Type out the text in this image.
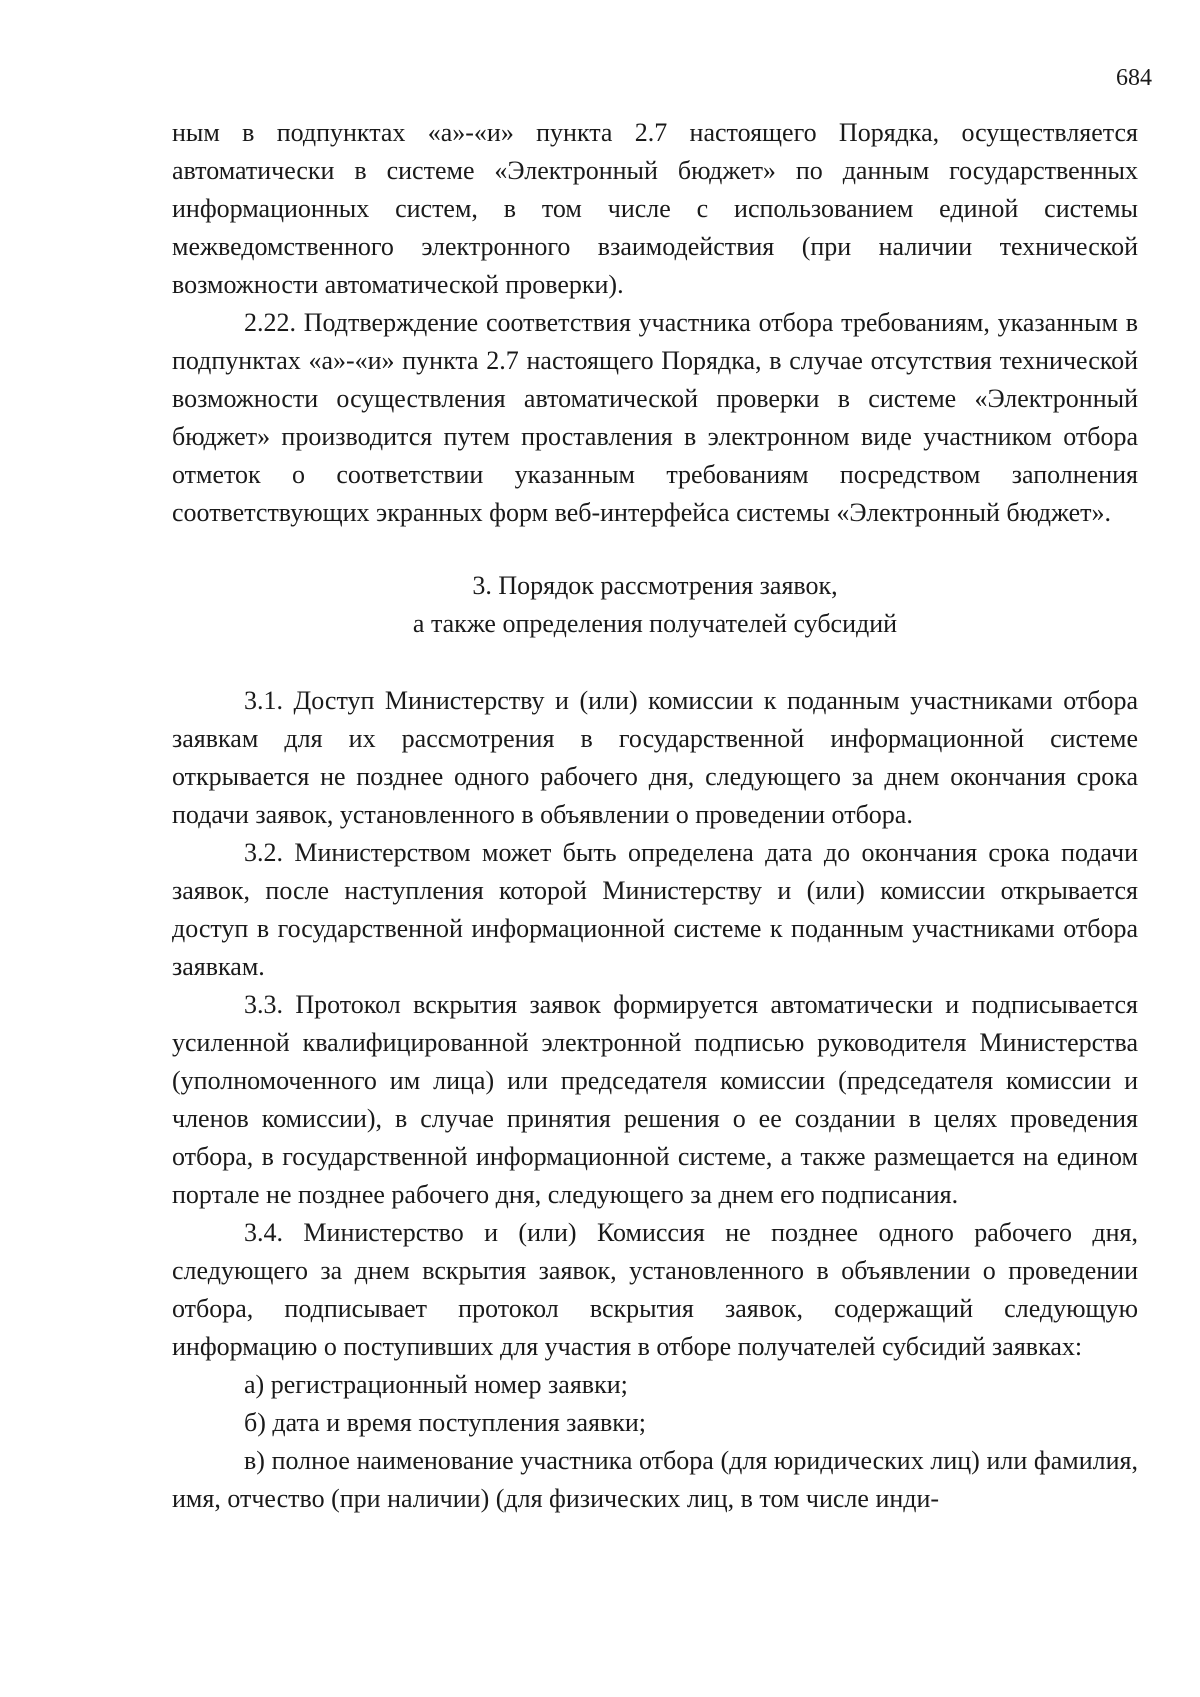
684

ным в подпунктах «а»-«и» пункта 2.7 настоящего Порядка, осуществляется автоматически в системе «Электронный бюджет» по данным государственных информационных систем, в том числе с использованием единой системы межведомственного электронного взаимодействия (при наличии технической возможности автоматической проверки).

2.22. Подтверждение соответствия участника отбора требованиям, указанным в подпунктах «а»-«и» пункта 2.7 настоящего Порядка, в случае отсутствия технической возможности осуществления автоматической проверки в системе «Электронный бюджет» производится путем проставления в электронном виде участником отбора отметок о соответствии указанным требованиям посредством заполнения соответствующих экранных форм веб-интерфейса системы «Электронный бюджет».

3. Порядок рассмотрения заявок,
а также определения получателей субсидий

3.1. Доступ Министерству и (или) комиссии к поданным участниками отбора заявкам для их рассмотрения в государственной информационной системе открывается не позднее одного рабочего дня, следующего за днем окончания срока подачи заявок, установленного в объявлении о проведении отбора.

3.2. Министерством может быть определена дата до окончания срока подачи заявок, после наступления которой Министерству и (или) комиссии открывается доступ в государственной информационной системе к поданным участниками отбора заявкам.

3.3. Протокол вскрытия заявок формируется автоматически и подписывается усиленной квалифицированной электронной подписью руководителя Министерства (уполномоченного им лица) или председателя комиссии (председателя комиссии и членов комиссии), в случае принятия решения о ее создании в целях проведения отбора, в государственной информационной системе, а также размещается на едином портале не позднее рабочего дня, следующего за днем его подписания.

3.4. Министерство и (или) Комиссия не позднее одного рабочего дня, следующего за днем вскрытия заявок, установленного в объявлении о проведении отбора, подписывает протокол вскрытия заявок, содержащий следующую информацию о поступивших для участия в отборе получателей субсидий заявках:

а) регистрационный номер заявки;

б) дата и время поступления заявки;

в) полное наименование участника отбора (для юридических лиц) или фамилия, имя, отчество (при наличии) (для физических лиц, в том числе инди-
